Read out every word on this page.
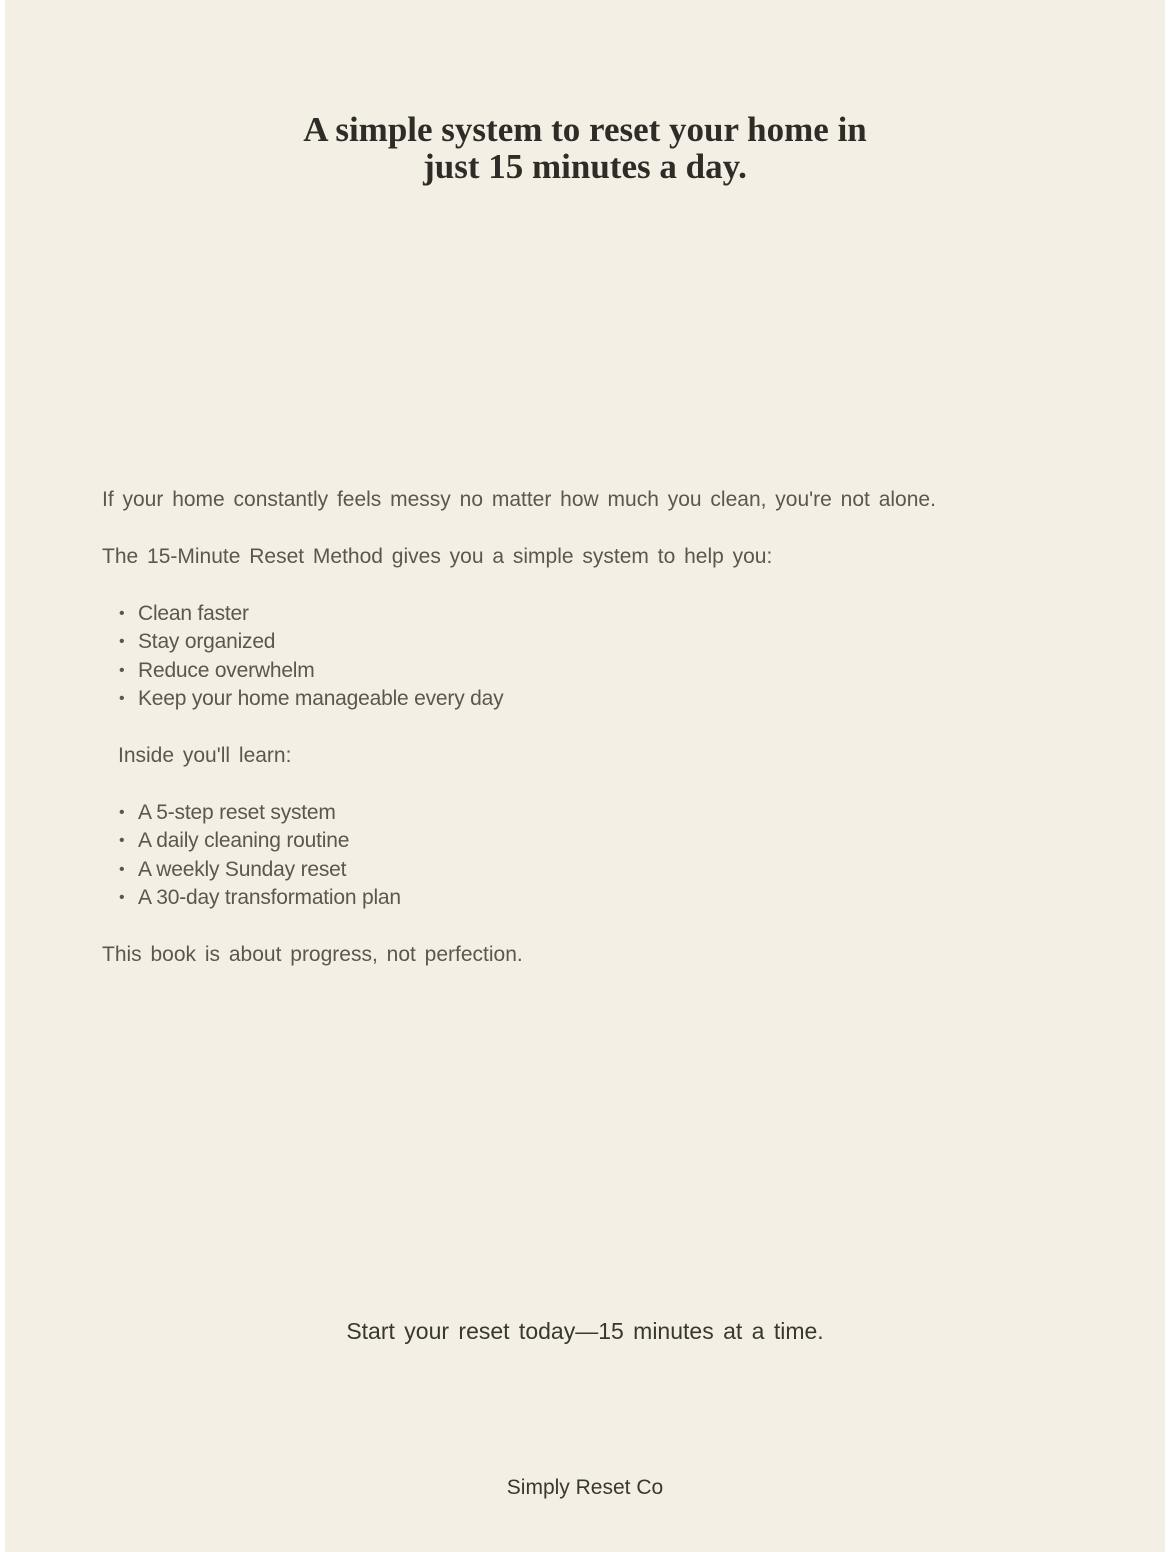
A simple system to reset your home in
just 15 minutes a day.

If your home constantly feels messy no matter how much you clean, you're not alone.

The 15-Minute Reset Method gives you a simple system to help you:

• Clean faster
• Stay organized
• Reduce overwhelm
• Keep your home manageable every day

Inside you'll learn:

• A 5-step reset system
• A daily cleaning routine
• A weekly Sunday reset
• A 30-day transformation plan

This book is about progress, not perfection.

Start your reset today—15 minutes at a time.

Simply Reset Co
